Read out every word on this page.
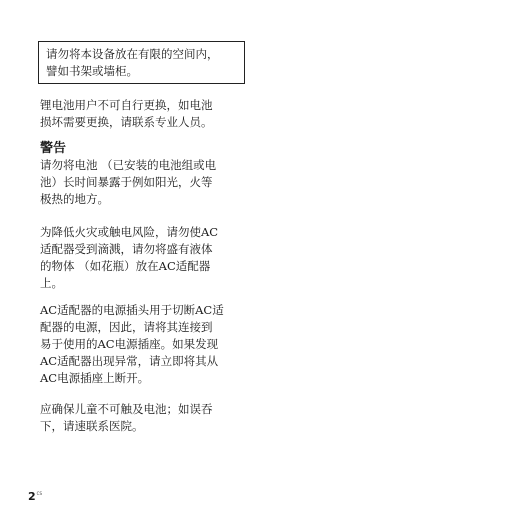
请勿将本设备放在有限的空间内，
譬如书架或墙柜。
锂电池用户不可自行更换，如电池
损坏需要更换，请联系专业人员。
警告
请勿将电池 （已安装的电池组或电
池）长时间暴露于例如阳光，火等
极热的地方。
为降低火灾或触电风险，请勿使AC
适配器受到滴溅，请勿将盛有液体
的物体 （如花瓶）放在AC适配器
上。
AC适配器的电源插头用于切断AC适
配器的电源，因此，请将其连接到
易于使用的AC电源插座。如果发现
AC适配器出现异常，请立即将其从
AC电源插座上断开。
应确保儿童不可触及电池；如误吞
下，请速联系医院。
$2^{CS}$
